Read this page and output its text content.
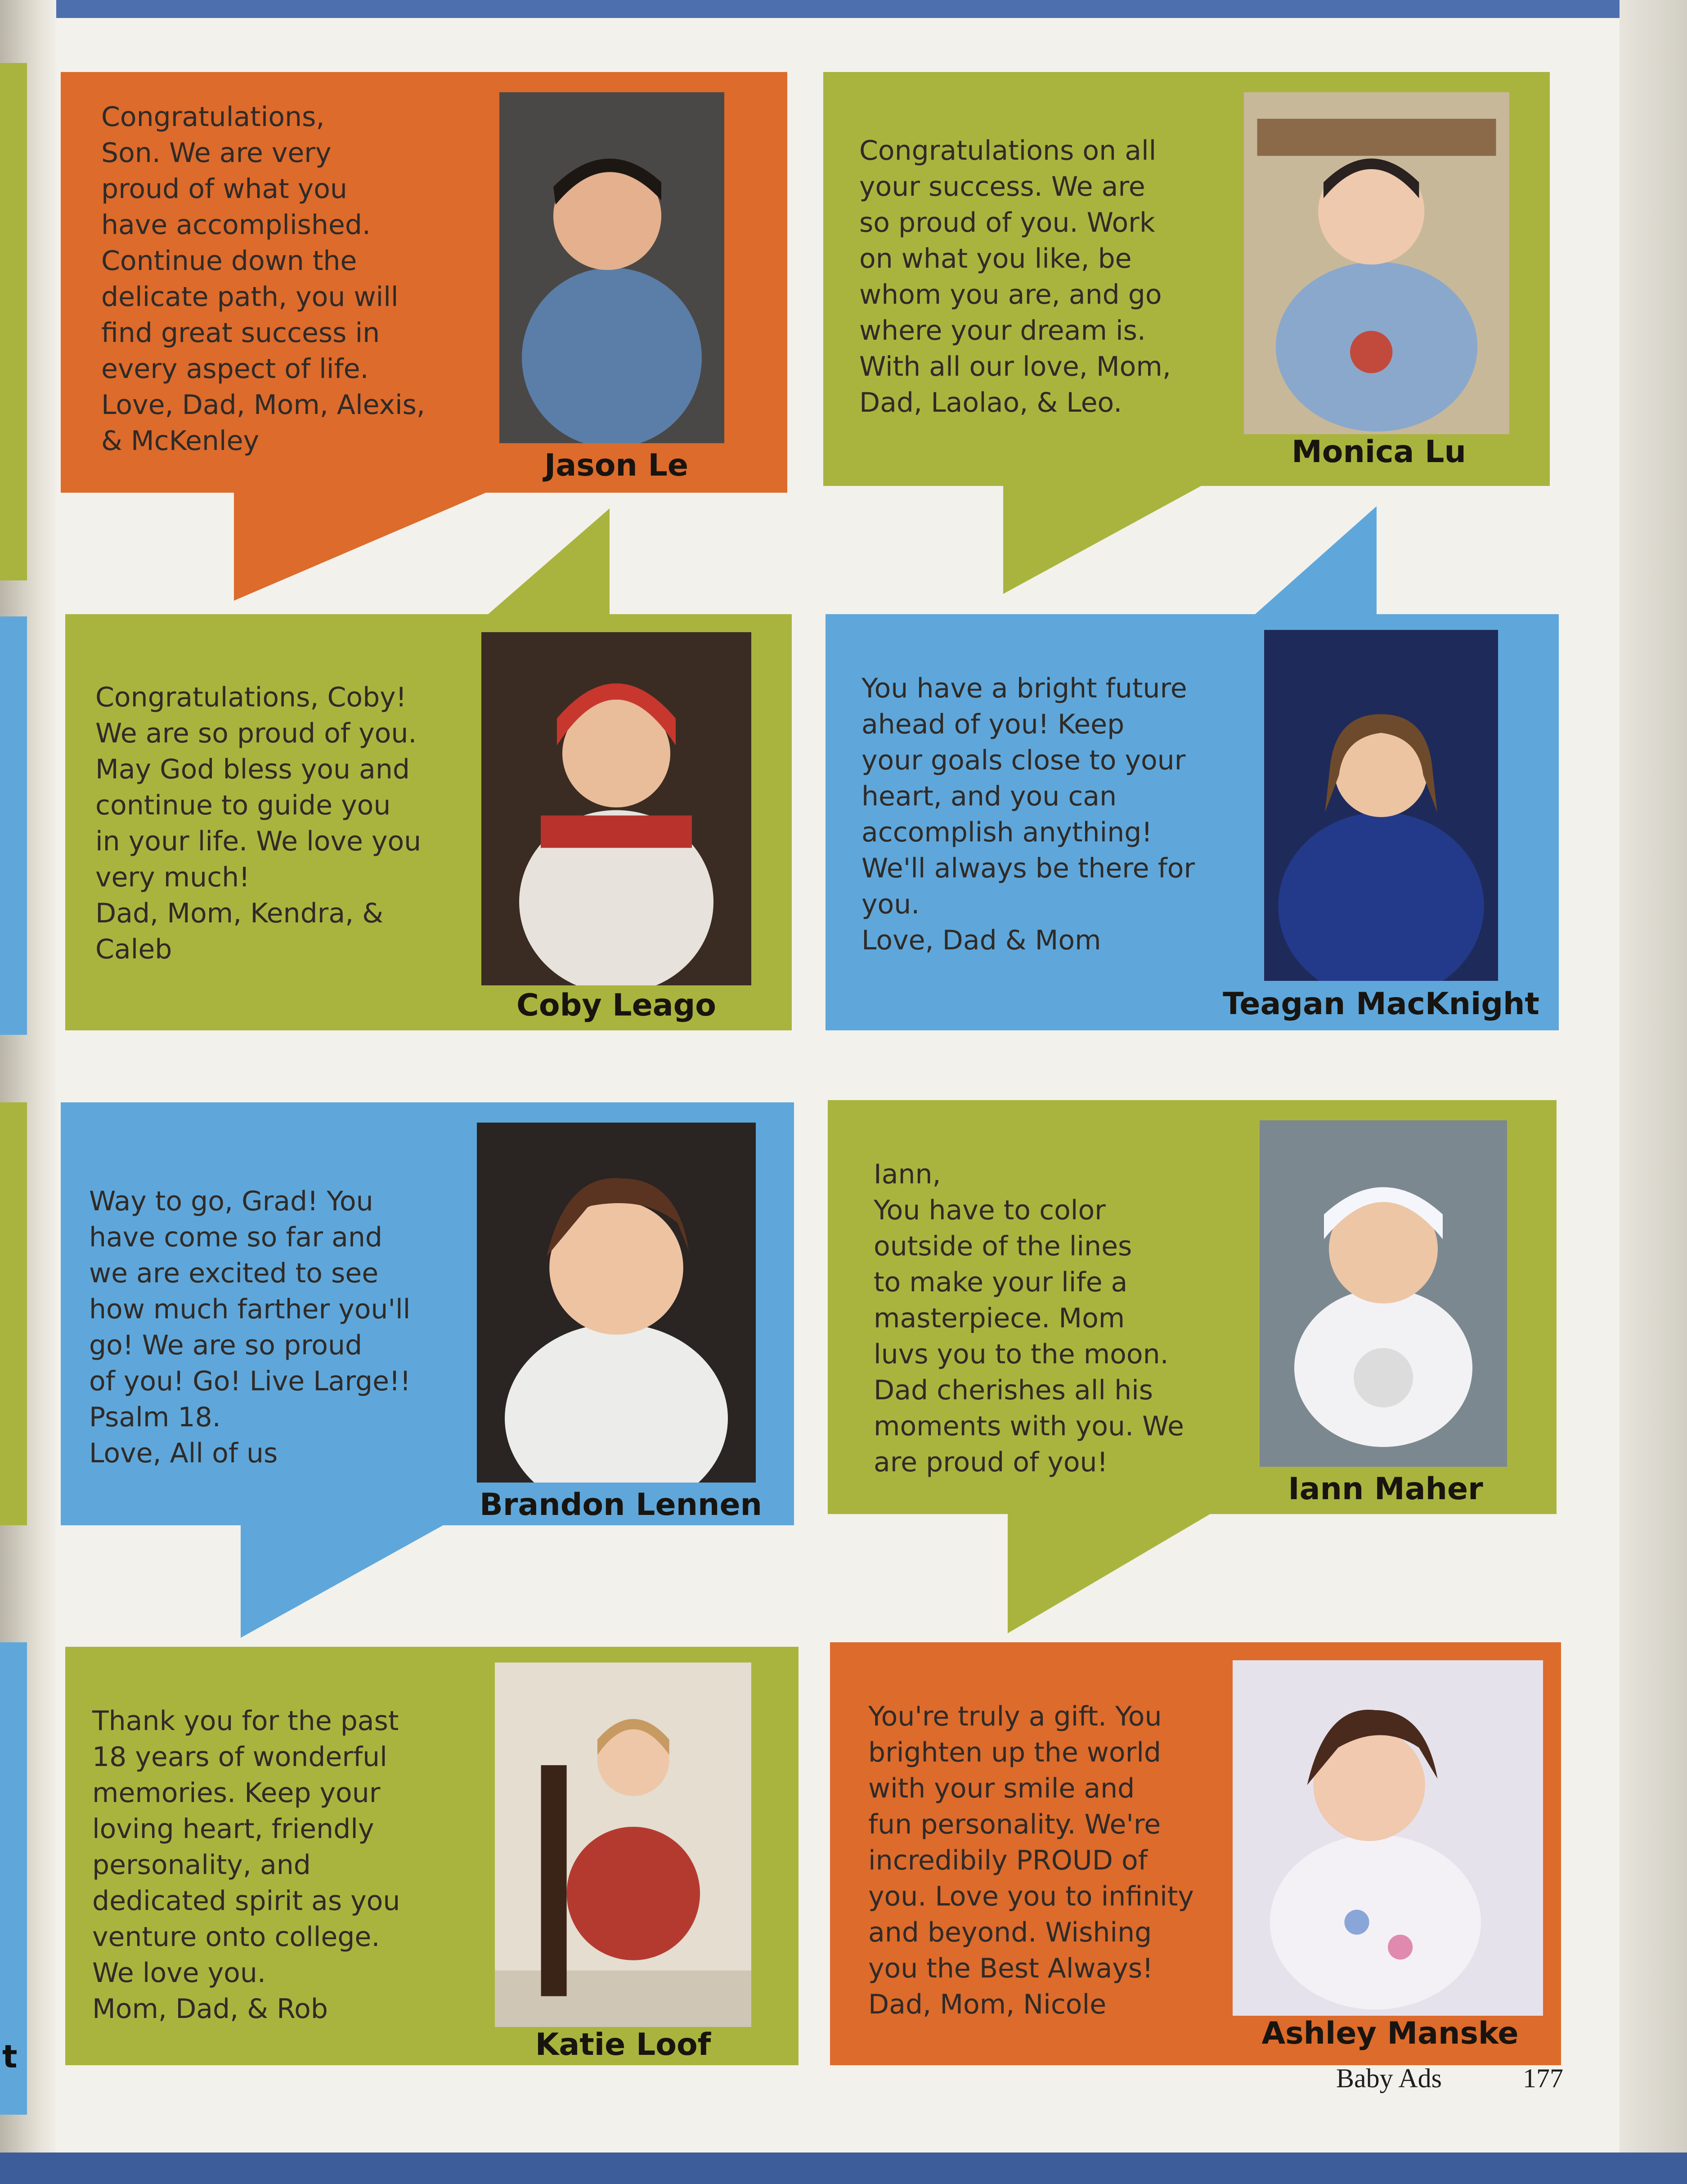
t

Congratulations,
Son. We are very
proud of what you
have accomplished.
Continue down the
delicate path, you will
find great success in
every aspect of life.
Love, Dad, Mom, Alexis,
& McKenley

Jason Le

Congratulations on all
your success. We are
so proud of you. Work
on what you like, be
whom you are, and go
where your dream is.
With all our love, Mom,
Dad, Laolao, & Leo.

Monica Lu

Congratulations, Coby!
We are so proud of you.
May God bless you and
continue to guide you
in your life. We love you
very much!
Dad, Mom, Kendra, &
Caleb

Coby Leago

You have a bright future
ahead of you! Keep
your goals close to your
heart, and you can
accomplish anything!
We'll always be there for
you.
Love, Dad & Mom

Teagan MacKnight

Way to go, Grad! You
have come so far and
we are excited to see
how much farther you'll
go! We are so proud
of you! Go! Live Large!!
Psalm 18.
Love, All of us

Brandon Lennen

Iann,
You have to color
outside of the lines
to make your life a
masterpiece. Mom
luvs you to the moon.
Dad cherishes all his
moments with you. We
are proud of you!

Iann Maher

Thank you for the past
18 years of wonderful
memories. Keep your
loving heart, friendly
personality, and
dedicated spirit as you
venture onto college.
We love you.
Mom, Dad, & Rob

Katie Loof

You're truly a gift. You
brighten up the world
with your smile and
fun personality. We're
incredibily PROUD of
you. Love you to infinity
and beyond. Wishing
you the Best Always!
Dad, Mom, Nicole

Ashley Manske

Baby Ads	177
